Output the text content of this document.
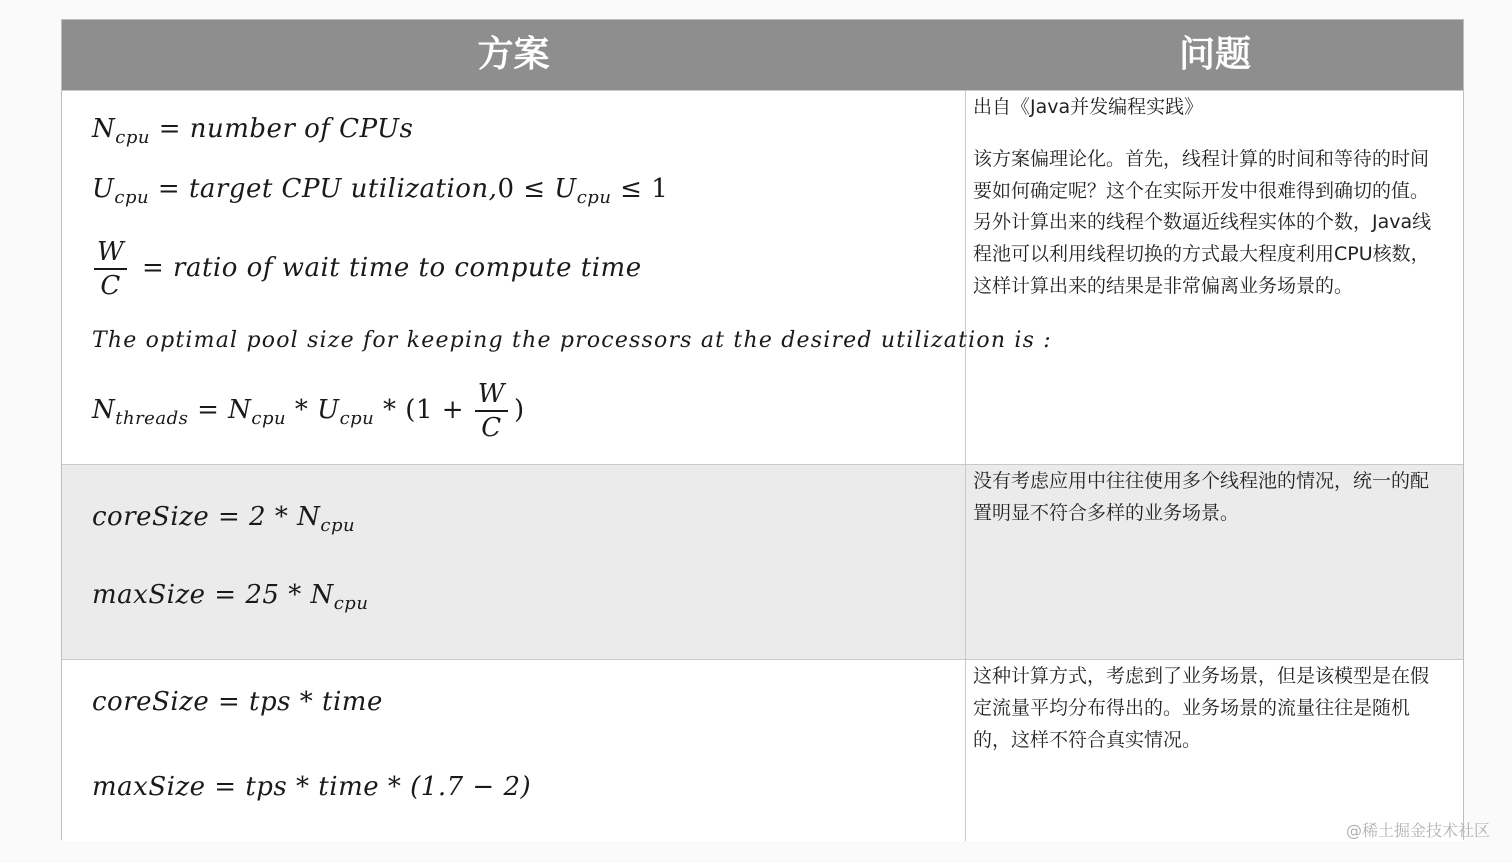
方案	问题
$N_{cpu}$ = number of CPUs
$U_{cpu}$ = target CPU utilization,0 ≤ $U_{cpu} \le 1$
$\frac{W}{C}$ = ratio of wait time to compute time
The optimal pool size for keeping the processors at the desired utilization is :
$N_{threads} = N_{cpu} * U_{cpu} * (1 + \frac{W}{C}$ )

出自《Java并发编程实践》

该方案偏理论化。首先，线程计算的时间和等待的时间要如何确定呢？这个在实际开发中很难得到确切的值。另外计算出来的线程个数逼近线程实体的个数，Java线程池可以利用线程切换的方式最大程度利用CPU核数，这样计算出来的结果是非常偏离业务场景的。

coreSize = $2 * N_{cpu}$
maxSize = $25 * N_{cpu}$
没有考虑应用中往往使用多个线程池的情况，统一的配置明显不符合多样的业务场景。
coreSize = tps * time
maxSize = tps * time * (1.7 − 2)
这种计算方式，考虑到了业务场景，但是该模型是在假定流量平均分布得出的。业务场景的流量往往是随机的，这样不符合真实情况。
@稀土掘金技术社区
